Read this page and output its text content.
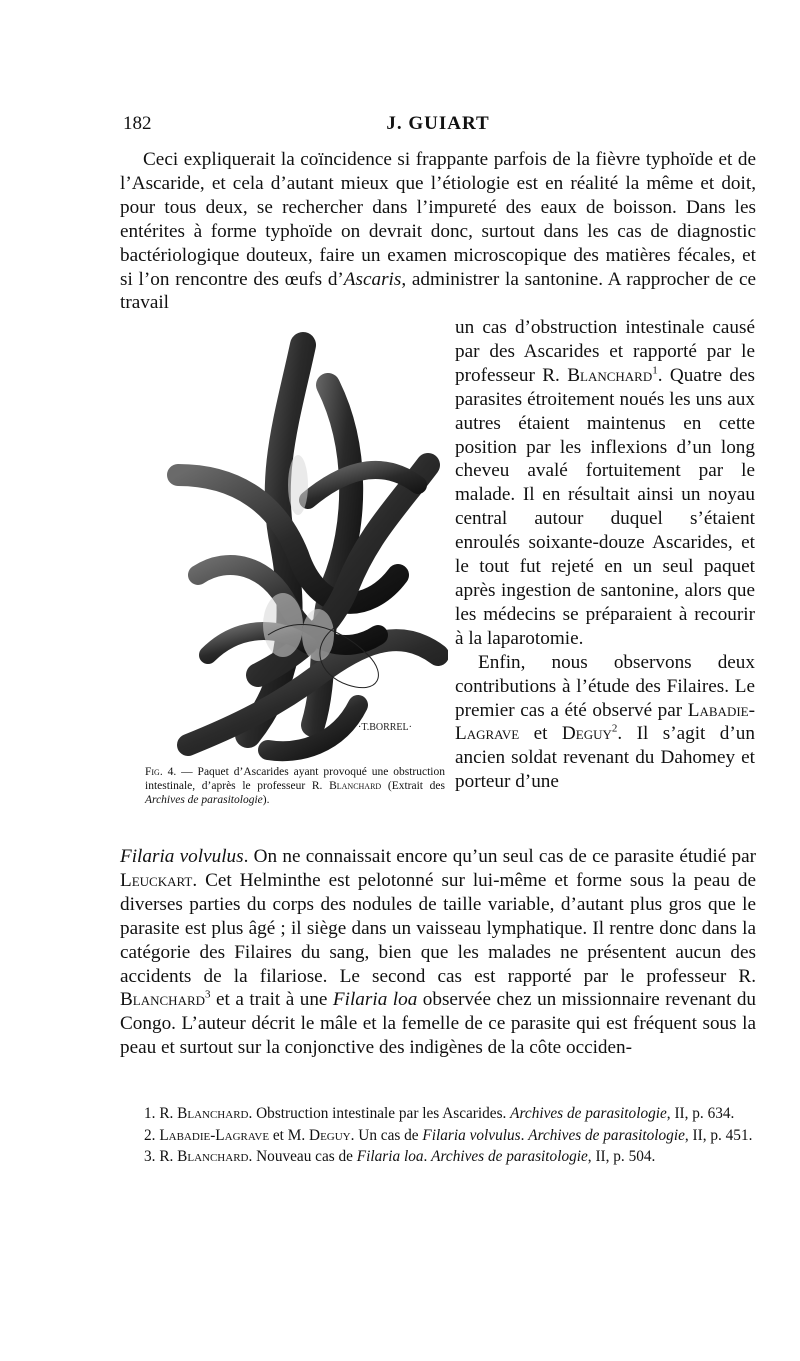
182	J. GUIART

Ceci expliquerait la coïncidence si frappante parfois de la fièvre typhoïde et de l’Ascaride, et cela d’autant mieux que l’étiologie est en réalité la même et doit, pour tous deux, se rechercher dans l’impureté des eaux de boisson. Dans les entérites à forme typhoïde on devrait donc, surtout dans les cas de diagnostic bactériologique douteux, faire un examen microscopique des matières fécales, et si l’on rencontre des œufs d’Ascaris, administrer la santonine. A rapprocher de ce travail

un cas d’obstruction intestinale causé par des Ascarides et rapporté par le professeur R. Blanchard$^1$. Quatre des parasites étroitement noués les uns aux autres étaient maintenus en cette position par les inflexions d’un long cheveu avalé fortuitement par le malade. Il en résultait ainsi un noyau central autour duquel s’étaient enroulés soixante-douze Ascarides, et le tout fut rejeté en un seul paquet après ingestion de santonine, alors que les médecins se préparaient à recourir à la laparotomie.

Enfin, nous observons deux contributions à l’étude des Filaires. Le premier cas a été observé par Labadie-Lagrave et Deguy$^2$. Il s’agit d’un ancien soldat revenant du Dahomey et porteur d’une

·T.BORREL·
Fig. 4. — Paquet d’Ascarides ayant provoqué une obstruction intestinale, d’après le professeur R. Blanchard (Extrait des Archives de parasitologie).

Filaria volvulus. On ne connaissait encore qu’un seul cas de ce parasite étudié par Leuckart. Cet Helminthe est pelotonné sur lui-même et forme sous la peau de diverses parties du corps des nodules de taille variable, d’autant plus gros que le parasite est plus âgé ; il siège dans un vaisseau lymphatique. Il rentre donc dans la catégorie des Filaires du sang, bien que les malades ne présentent aucun des accidents de la filariose. Le second cas est rapporté par le professeur R. Blanchard$^3$ et a trait à une Filaria loa observée chez un missionnaire revenant du Congo. L’auteur décrit le mâle et la femelle de ce parasite qui est fréquent sous la peau et surtout sur la conjonctive des indigènes de la côte occiden-

1. R. Blanchard. Obstruction intestinale par les Ascarides. Archives de parasitologie, II, p. 634.

2. Labadie-Lagrave et M. Deguy. Un cas de Filaria volvulus. Archives de parasitologie, II, p. 451.

3. R. Blanchard. Nouveau cas de Filaria loa. Archives de parasitologie, II, p. 504.
